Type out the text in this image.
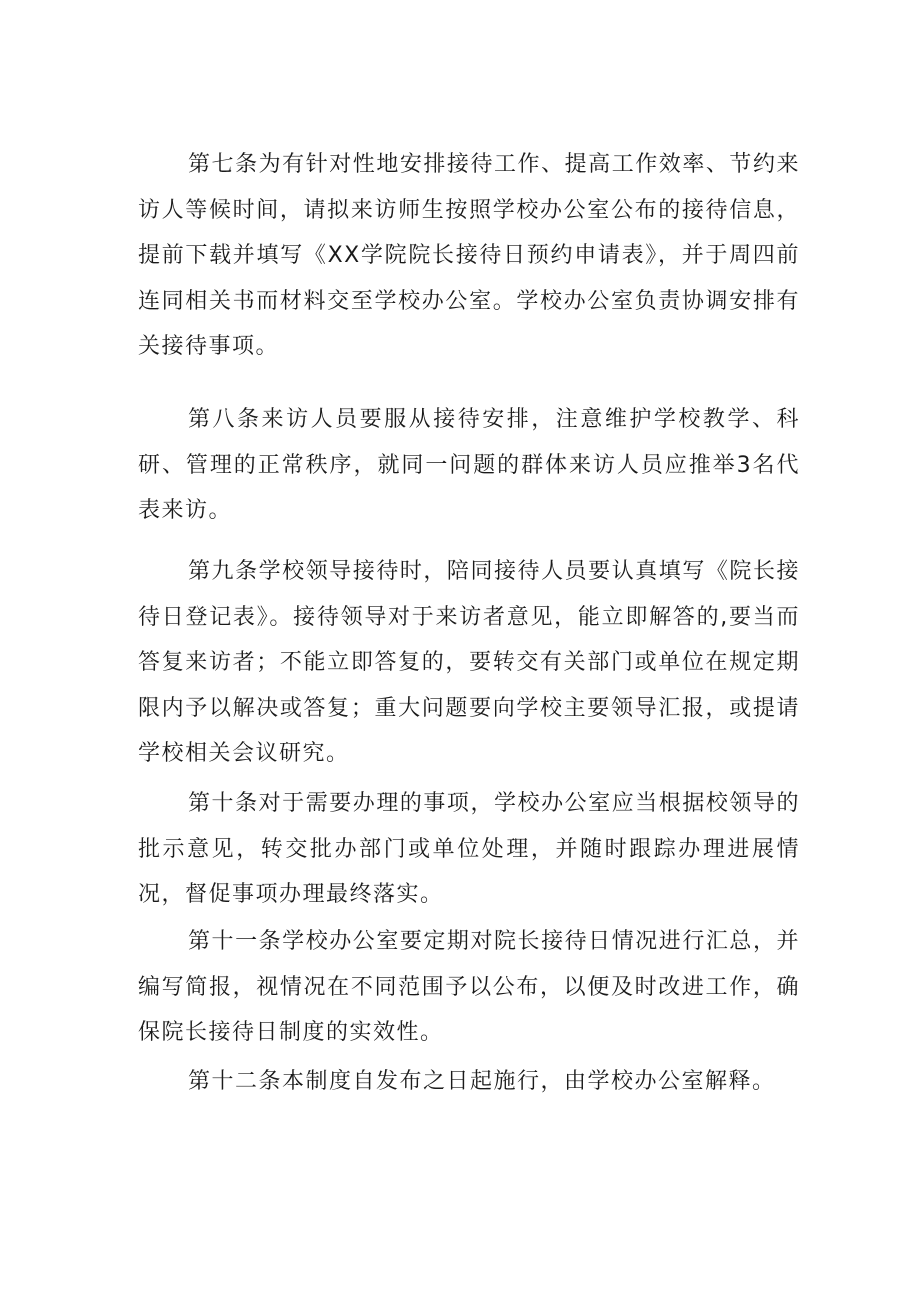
第七条为有针对性地安排接待工作、提高工作效率、节约来访人等候时间，请拟来访师生按照学校办公室公布的接待信息，提前下载并填写《XX学院院长接待日预约申请表》，并于周四前连同相关书而材料交至学校办公室。学校办公室负责协调安排有关接待事项。

第八条来访人员要服从接待安排，注意维护学校教学、科研、管理的正常秩序，就同一问题的群体来访人员应推举3名代表来访。

第九条学校领导接待时，陪同接待人员要认真填写《院长接待日登记表》。接待领导对于来访者意见，能立即解答的,要当而答复来访者；不能立即答复的，要转交有关部门或单位在规定期限内予以解决或答复；重大问题要向学校主要领导汇报，或提请学校相关会议研究。

第十条对于需要办理的事项，学校办公室应当根据校领导的批示意见，转交批办部门或单位处理，并随时跟踪办理进展情况，督促事项办理最终落实。

第十一条学校办公室要定期对院长接待日情况进行汇总，并编写简报，视情况在不同范围予以公布，以便及时改进工作，确保院长接待日制度的实效性。

第十二条本制度自发布之日起施行，由学校办公室解释。
